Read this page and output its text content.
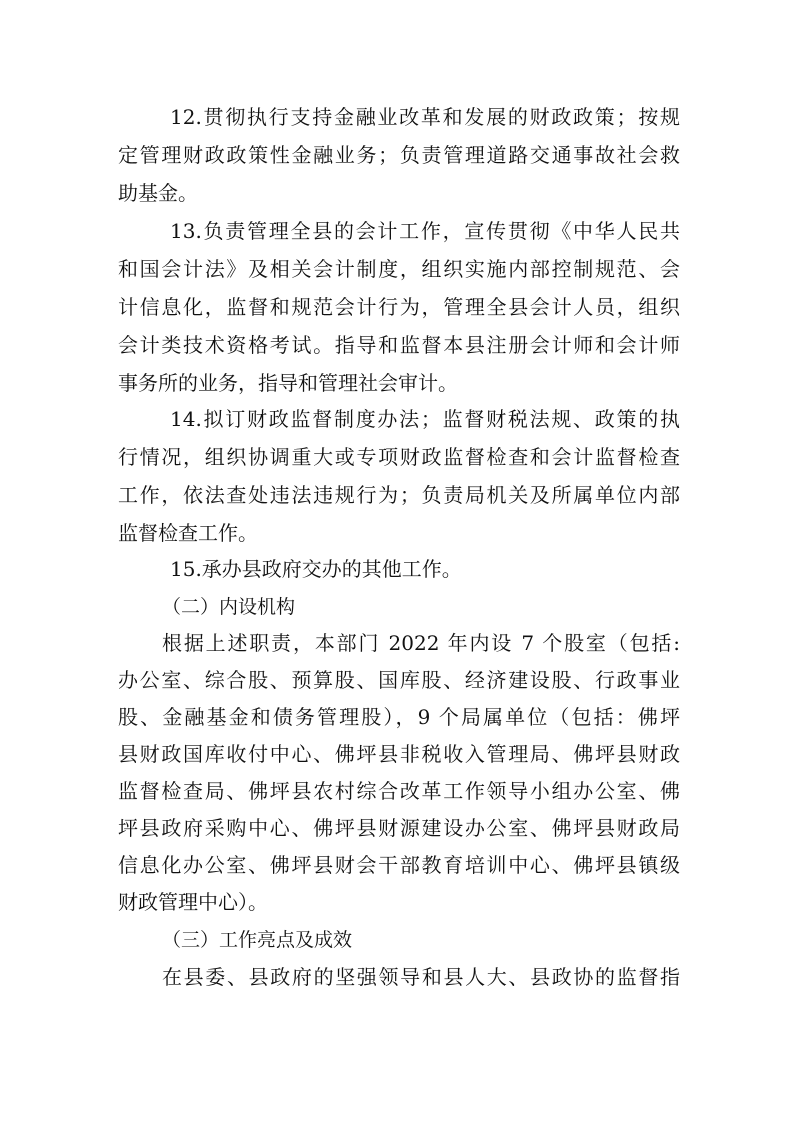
12.贯彻执行支持金融业改革和发展的财政政策；按规
定管理财政政策性金融业务；负责管理道路交通事故社会救
助基金。
13.负责管理全县的会计工作，宣传贯彻《中华人民共
和国会计法》及相关会计制度，组织实施内部控制规范、会
计信息化，监督和规范会计行为，管理全县会计人员，组织
会计类技术资格考试。指导和监督本县注册会计师和会计师
事务所的业务，指导和管理社会审计。
14.拟订财政监督制度办法；监督财税法规、政策的执
行情况，组织协调重大或专项财政监督检查和会计监督检查
工作，依法查处违法违规行为；负责局机关及所属单位内部
监督检查工作。
15.承办县政府交办的其他工作。
（二）内设机构
根据上述职责，本部门 2022 年内设 7 个股室（包括:
办公室、综合股、预算股、国库股、经济建设股、行政事业
股、金融基金和债务管理股），9 个局属单位（包括：佛坪
县财政国库收付中心、佛坪县非税收入管理局、佛坪县财政
监督检查局、佛坪县农村综合改革工作领导小组办公室、佛
坪县政府采购中心、佛坪县财源建设办公室、佛坪县财政局
信息化办公室、佛坪县财会干部教育培训中心、佛坪县镇级
财政管理中心）。
（三）工作亮点及成效
在县委、县政府的坚强领导和县人大、县政协的监督指
